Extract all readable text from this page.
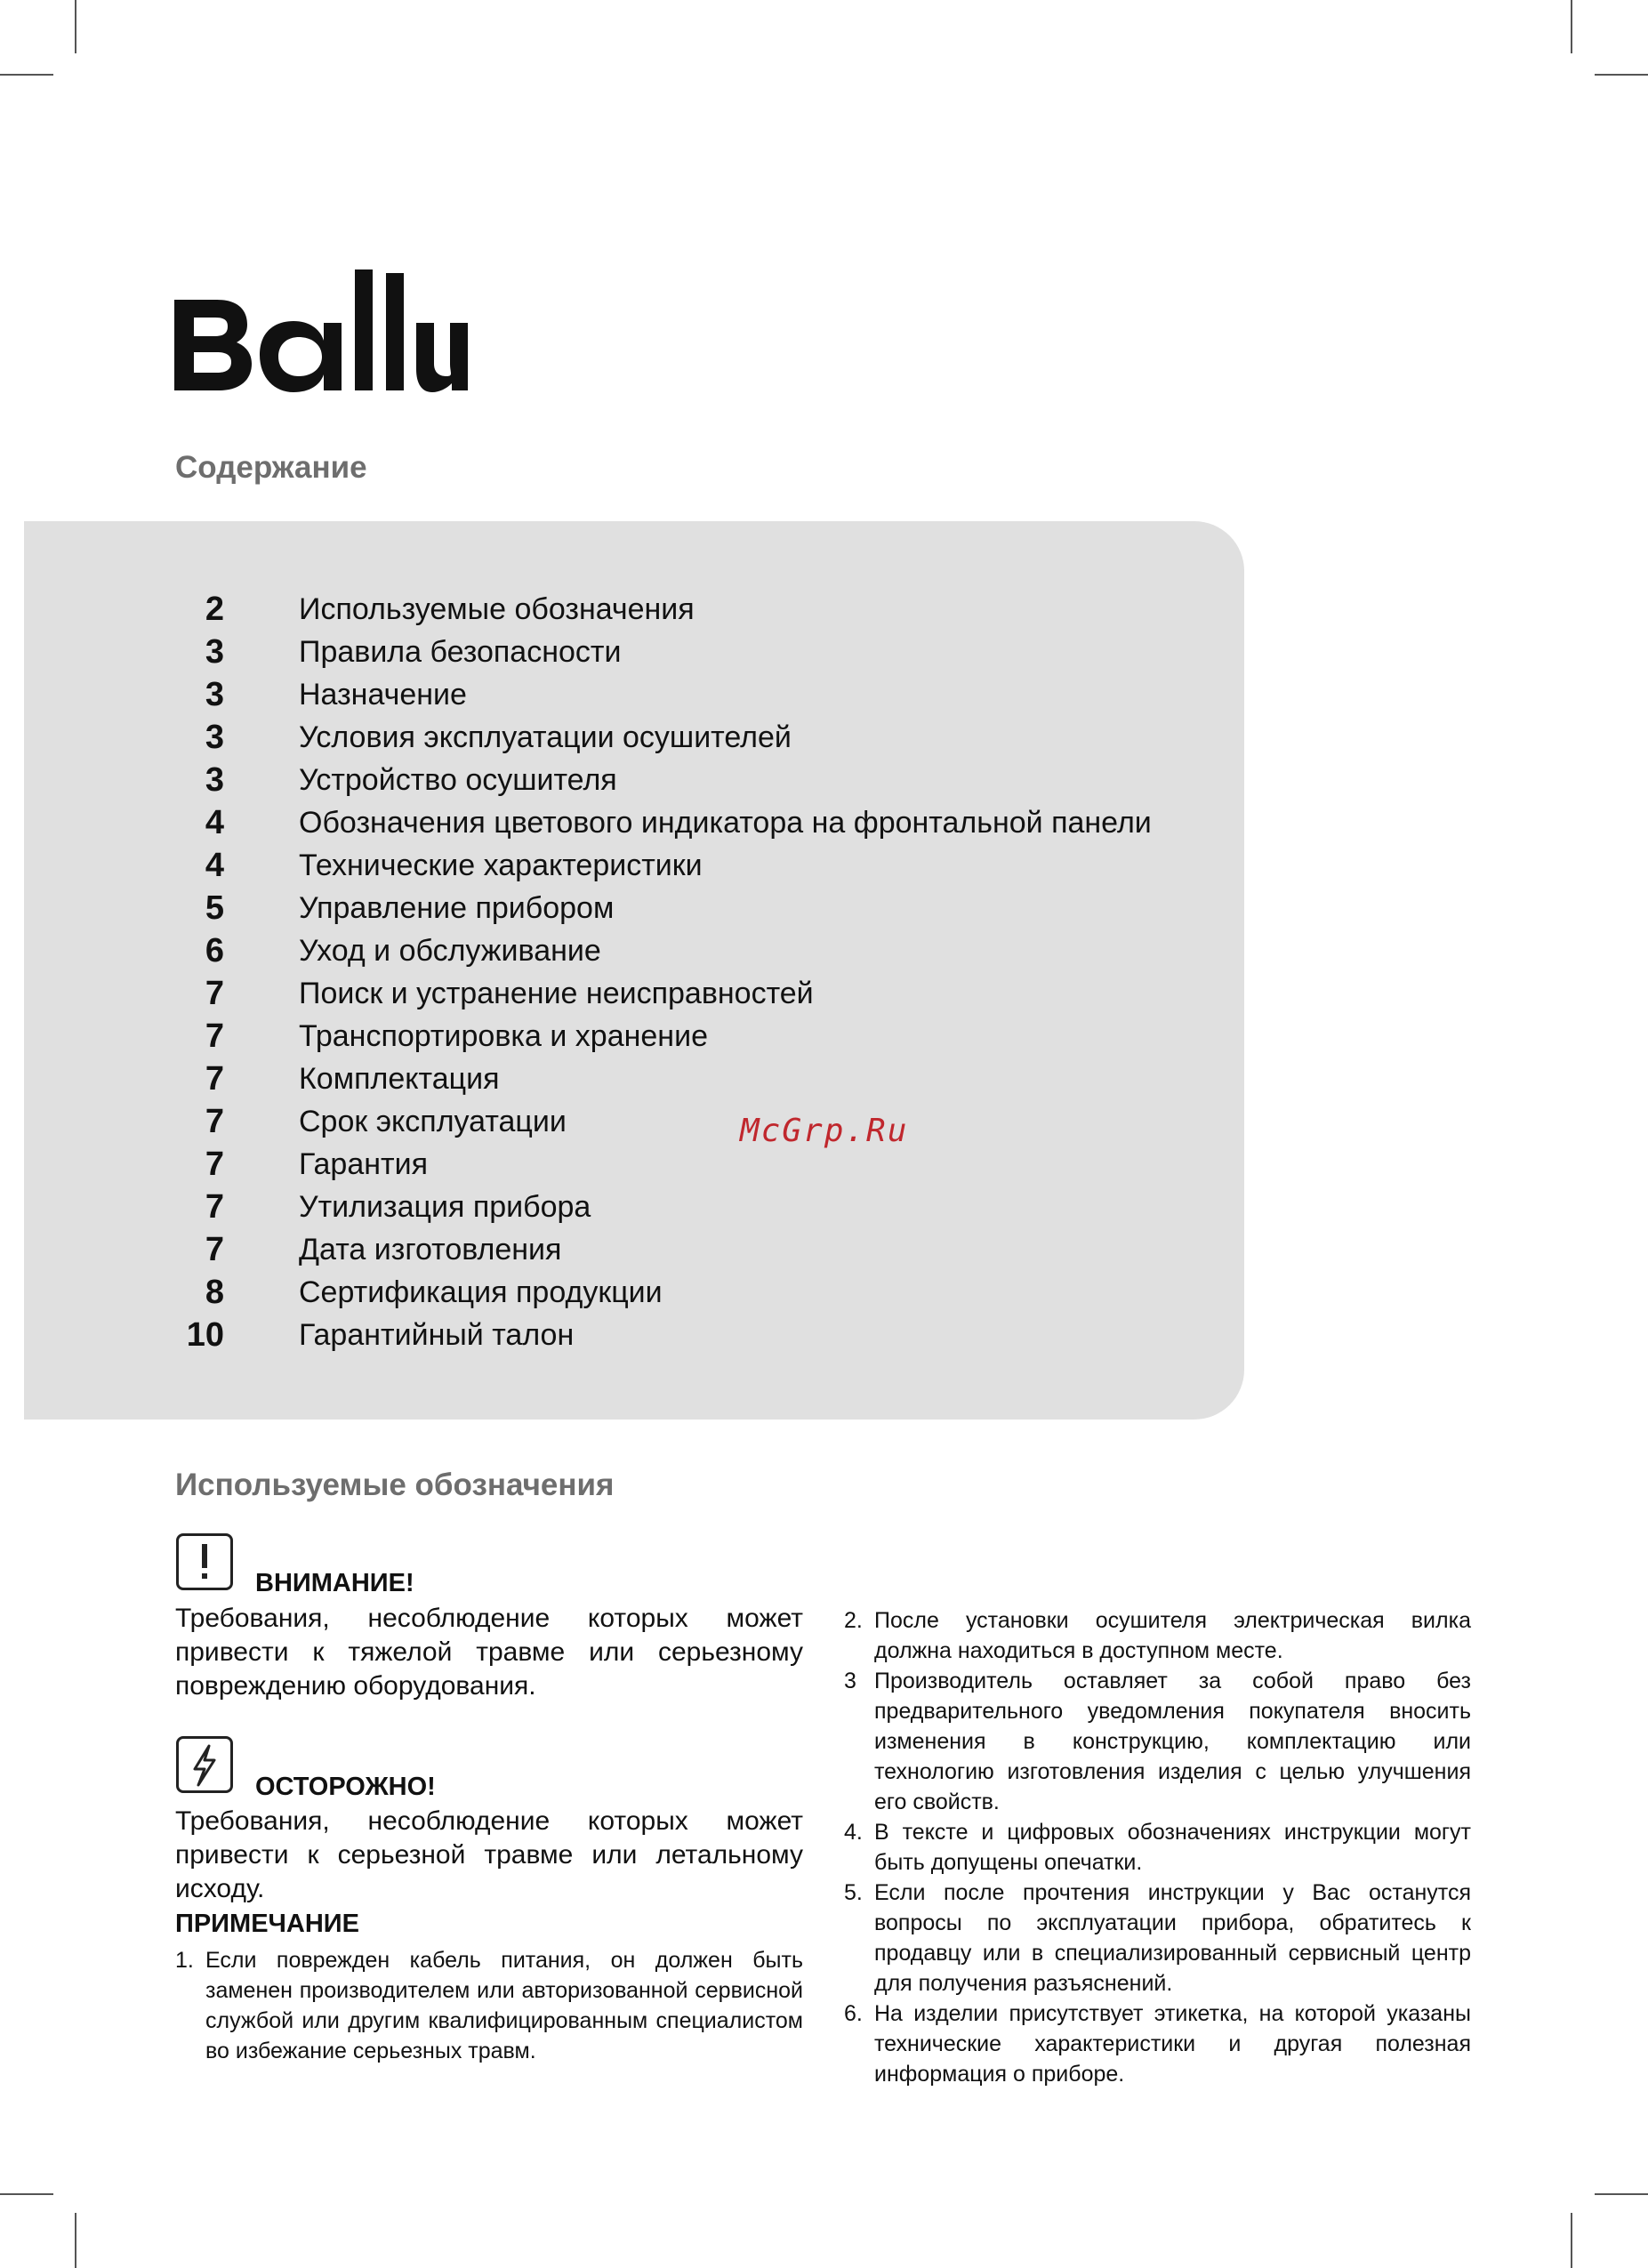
Содержание
2 Используемые обозначения
3 Правила безопасности
3 Назначение
3 Условия эксплуатации осушителей
3 Устройство осушителя
4 Обозначения цветового индикатора на фронтальной панели
4 Технические характеристики
5 Управление прибором
6 Уход и обслуживание
7 Поиск и устранение неисправностей
7 Транспортировка и хранение
7 Комплектация
7 Срок эксплуатации
7 Гарантия
7 Утилизация прибора
7 Дата изготовления
8 Сертификация продукции
10 Гарантийный талон
McGrp.Ru
Используемые обозначения
ВНИМАНИЕ!

Требования, несоблюдение которых может привести к тяжелой травме или серьезному повреждению оборудования.

ОСТОРОЖНО!

Требования, несоблюдение которых может привести к серьезной травме или летальному исходу.

ПРИМЕЧАНИЕ
1. Если поврежден кабель питания, он должен быть заменен производителем или авторизованной сервисной службой или другим квалифицированным специалистом во избежание серьезных травм.
2. После установки осушителя электрическая вилка должна находиться в доступном месте.
3 Производитель оставляет за собой право без предварительного уведомления покупателя вносить изменения в конструкцию, комплектацию или технологию изготовления изделия с целью улучшения его свойств.
4. В тексте и цифровых обозначениях инструкции могут быть допущены опечатки.
5. Если после прочтения инструкции у Вас останутся вопросы по эксплуатации прибора, обратитесь к продавцу или в специализированный сервисный центр для получения разъяснений.
6. На изделии присутствует этикетка, на которой указаны технические характеристики и другая полезная информация о приборе.
